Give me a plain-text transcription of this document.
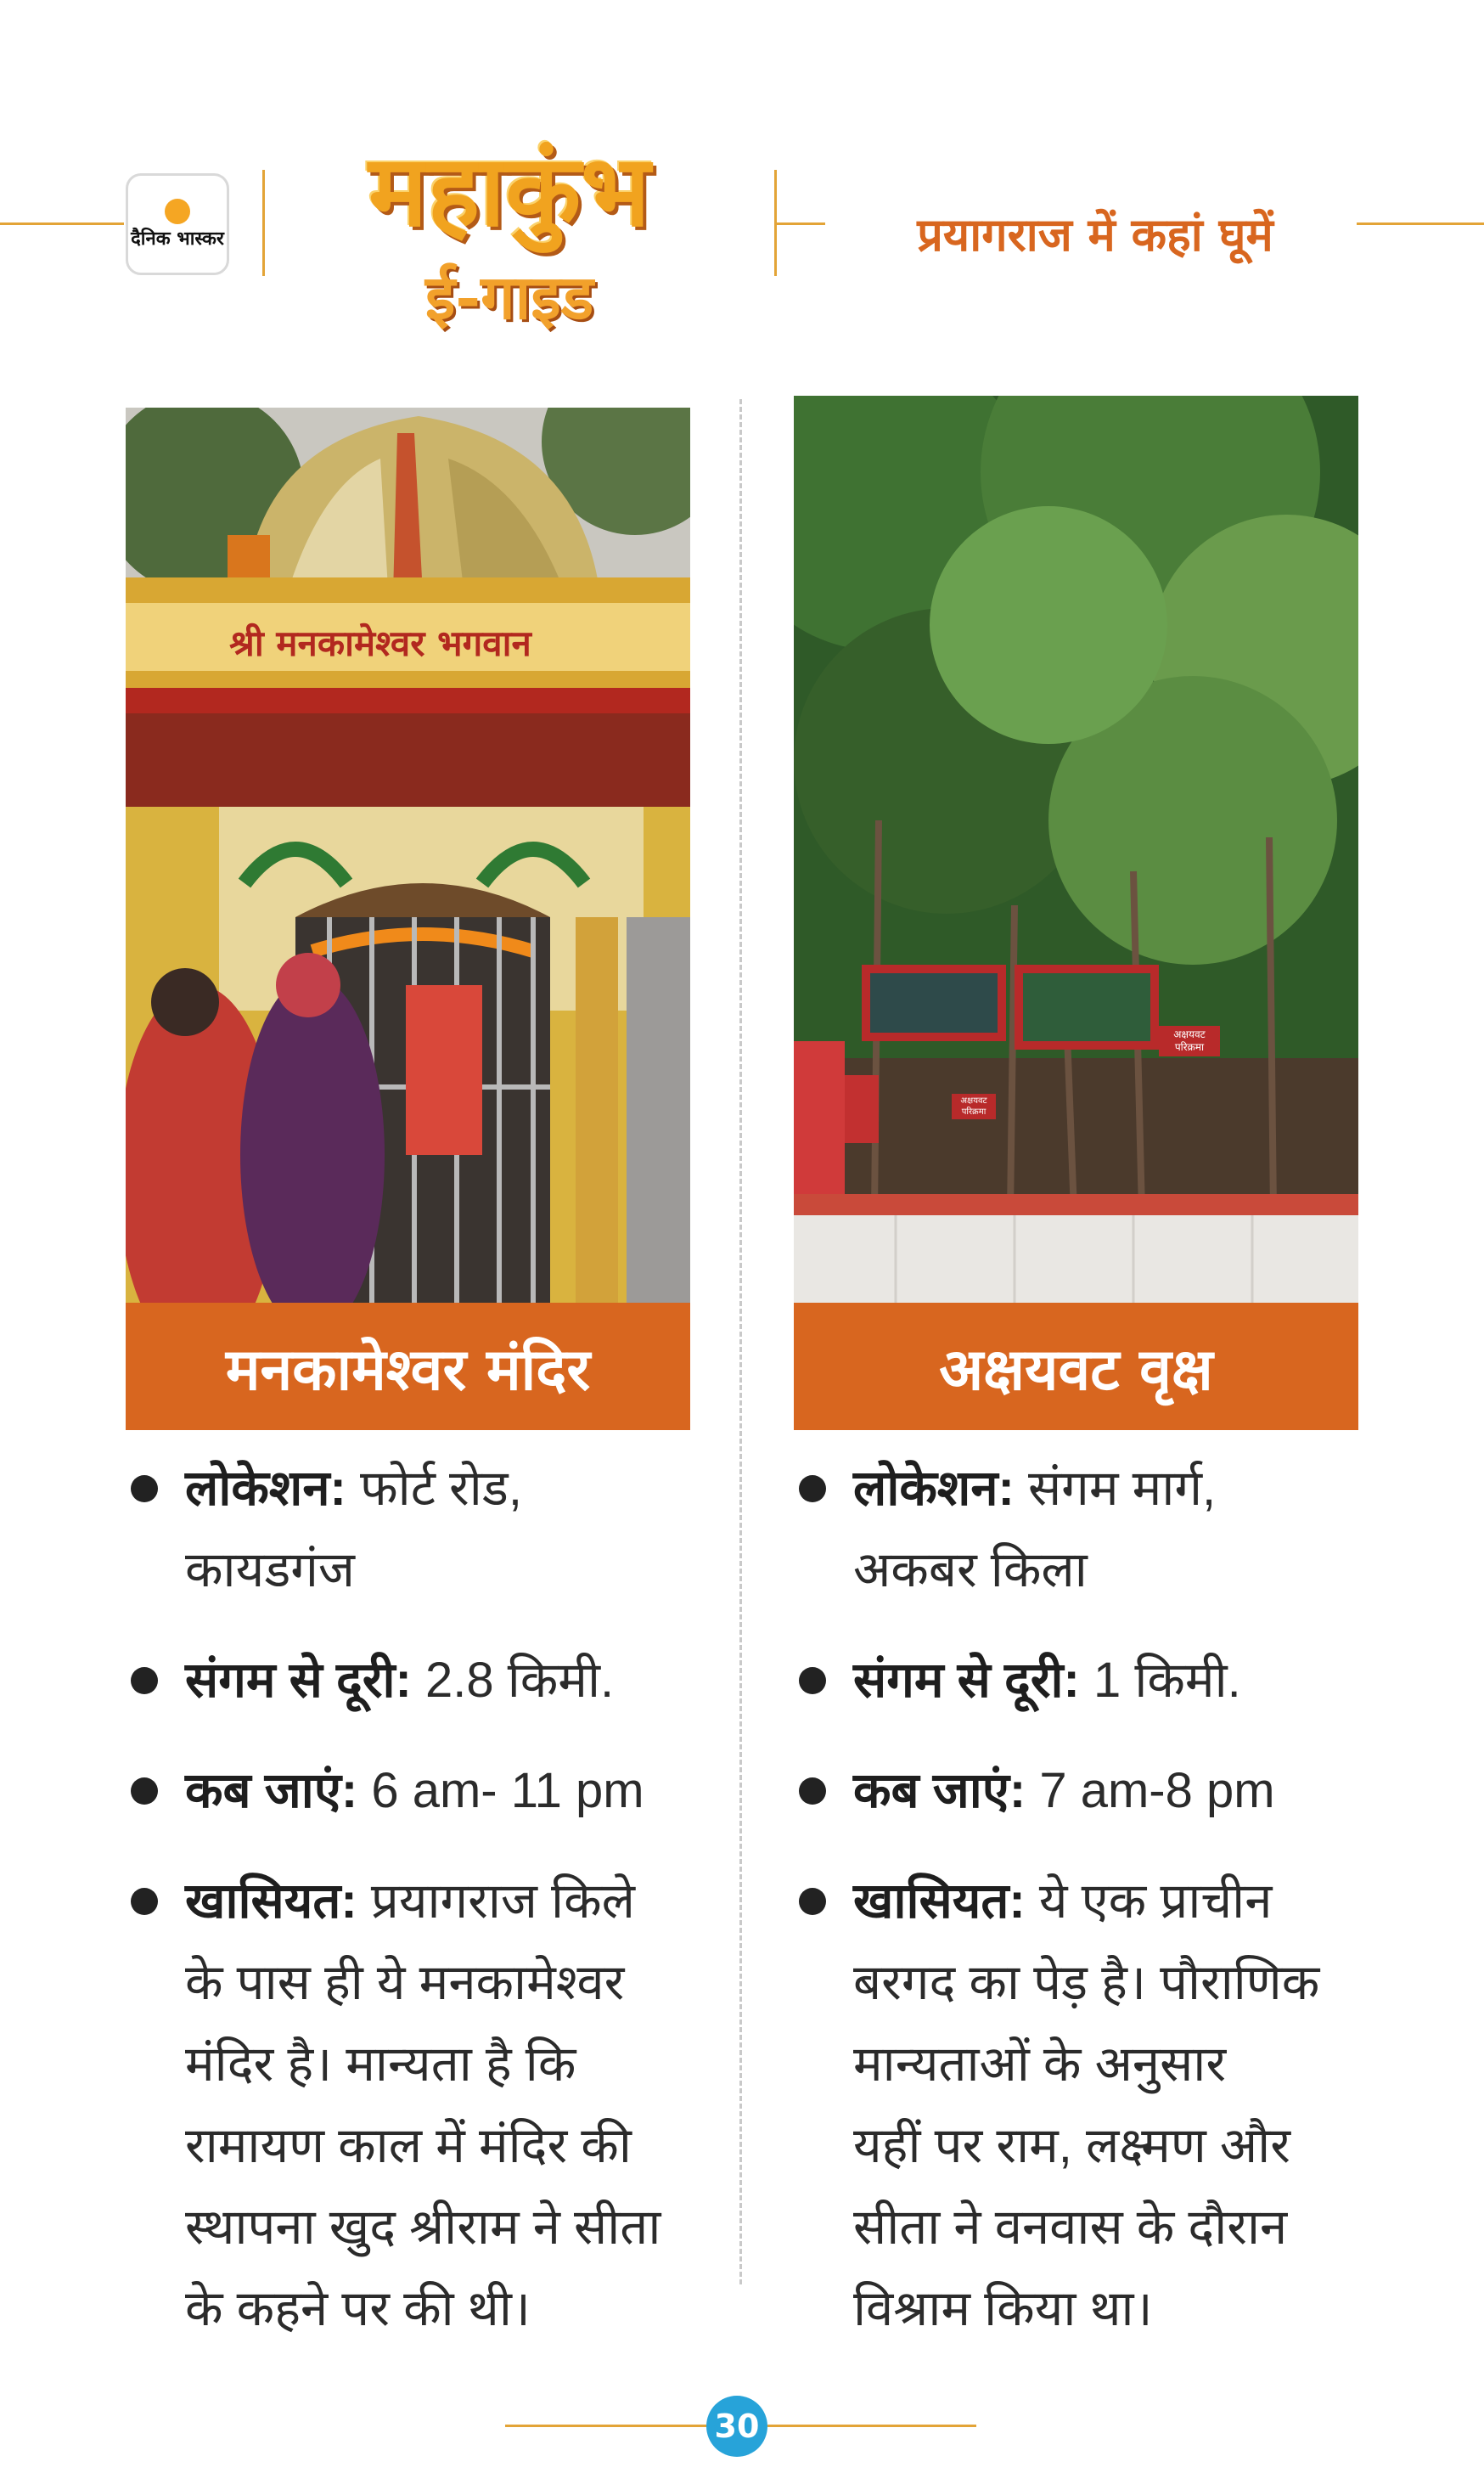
दैनिक भास्कर	महाकुंभ
ई-गाइड
प्रयागराज में कहां घूमें
श्री मनकामेश्वर भगवान
मनकामेश्वर मंदिर
अक्षयवट परिक्रमा
अक्षयवट परिक्रमा
अक्षयवट वृक्ष
लोकेशन: फोर्ट रोड,
कायडगंज
संगम से दूरी: 2.8 किमी.
कब जाएं: 6 am- 11 pm
खासियत: प्रयागराज किले
के पास ही ये मनकामेश्वर
मंदिर है। मान्यता है कि
रामायण काल में मंदिर की
स्थापना खुद श्रीराम ने सीता
के कहने पर की थी।
लोकेशन: संगम मार्ग,
अकबर किला
संगम से दूरी: 1 किमी.
कब जाएं: 7 am-8 pm
खासियत: ये एक प्राचीन
बरगद का पेड़ है। पौराणिक
मान्यताओं के अनुसार
यहीं पर राम, लक्ष्मण और
सीता ने वनवास के दौरान
विश्राम किया था।
30
